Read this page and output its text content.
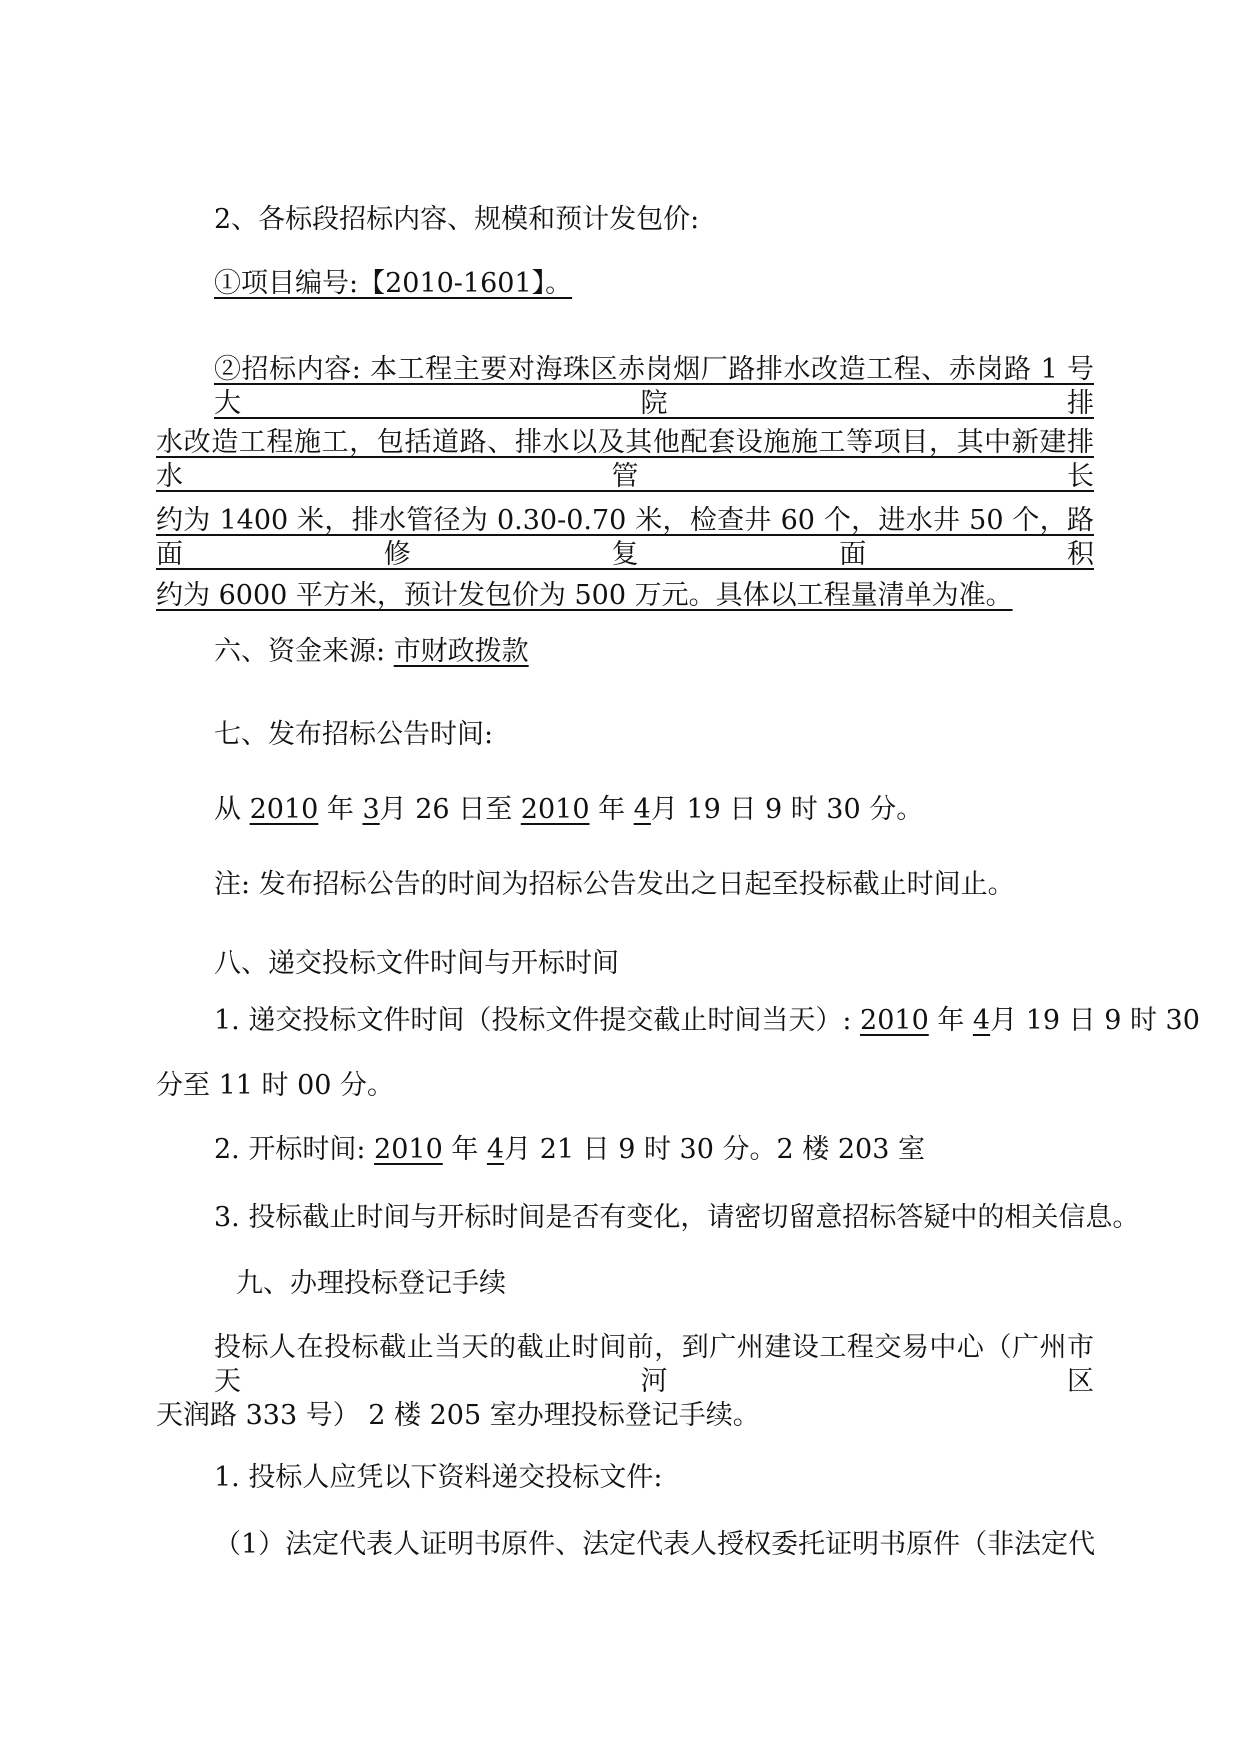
2、各标段招标内容、规模和预计发包价:
①项目编号:【2010-1601】。
②招标内容: 本工程主要对海珠区赤岗烟厂路排水改造工程、赤岗路 1 号大院排
水改造工程施工，包括道路、排水以及其他配套设施施工等项目，其中新建排水管长
约为 1400 米，排水管径为 0.30-0.70 米，检查井 60 个，进水井 50 个，路面修复面积
约为 6000 平方米，预计发包价为 500 万元。具体以工程量清单为准。
六、资金来源: 市财政拨款
七、发布招标公告时间:
从 2010 年 3月 26 日至 2010 年 4月 19 日 9 时 30 分。
注: 发布招标公告的时间为招标公告发出之日起至投标截止时间止。
八、递交投标文件时间与开标时间
1. 递交投标文件时间（投标文件提交截止时间当天）: 2010 年 4月 19 日 9 时 30
分至 11 时 00 分。
2. 开标时间: 2010 年 4月 21 日 9 时 30 分。2 楼 203 室
3. 投标截止时间与开标时间是否有变化，请密切留意招标答疑中的相关信息。
九、办理投标登记手续
投标人在投标截止当天的截止时间前，到广州建设工程交易中心（广州市天河区
天润路 333 号） 2 楼 205 室办理投标登记手续。
1. 投标人应凭以下资料递交投标文件:
（1）法定代表人证明书原件、法定代表人授权委托证明书原件（非法定代
